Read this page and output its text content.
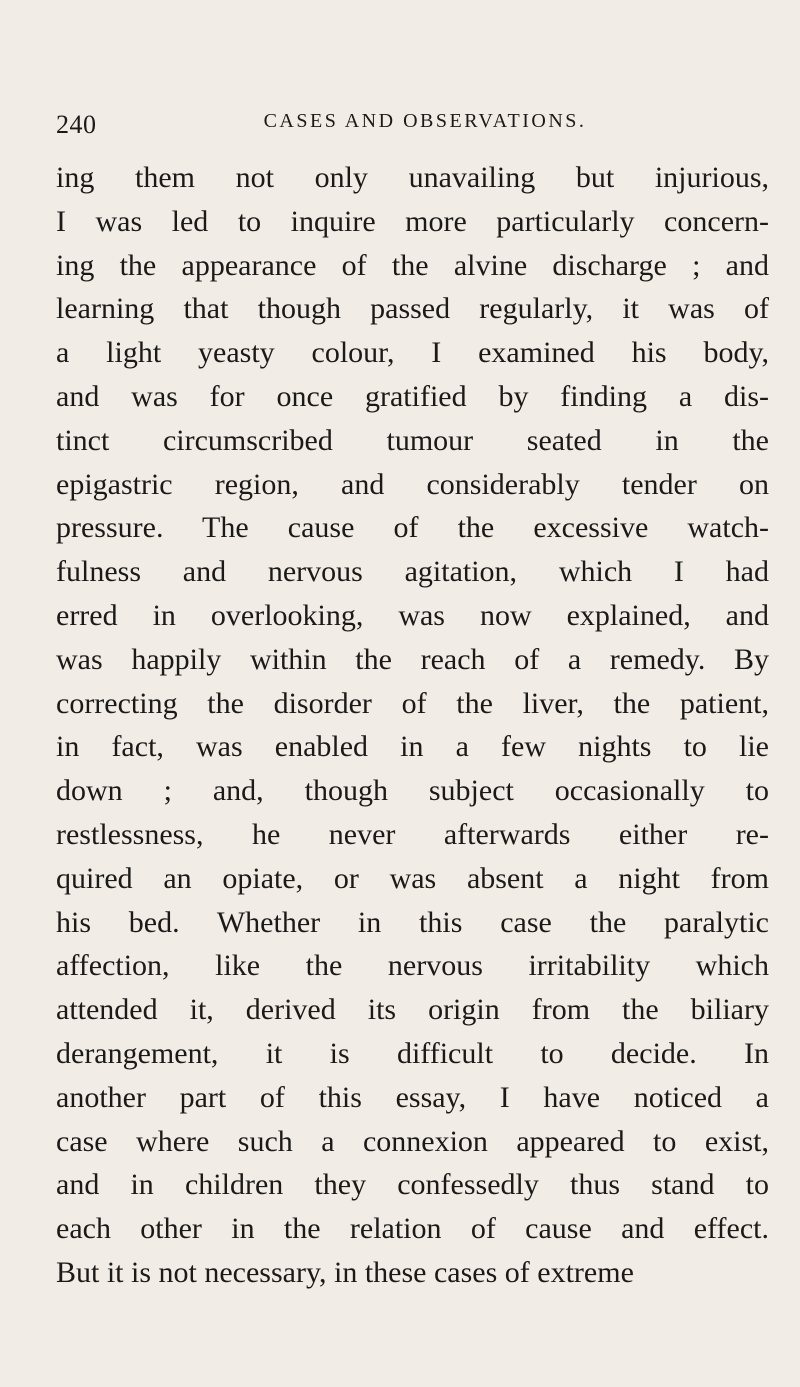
240	CASES AND OBSERVATIONS.
ing them not only unavailing but injurious,
I was led to inquire more particularly concern-
ing the appearance of the alvine discharge ; and
learning that though passed regularly, it was of
a light yeasty colour, I examined his body,
and was for once gratified by finding a dis-
tinct circumscribed tumour seated in the
epigastric region, and considerably tender on
pressure. The cause of the excessive watch-
fulness and nervous agitation, which I had
erred in overlooking, was now explained, and
was happily within the reach of a remedy. By
correcting the disorder of the liver, the patient,
in fact, was enabled in a few nights to lie
down ; and, though subject occasionally to
restlessness, he never afterwards either re-
quired an opiate, or was absent a night from
his bed. Whether in this case the paralytic
affection, like the nervous irritability which
attended it, derived its origin from the biliary
derangement, it is difficult to decide. In
another part of this essay, I have noticed a
case where such a connexion appeared to exist,
and in children they confessedly thus stand to
each other in the relation of cause and effect.
But it is not necessary, in these cases of extreme
